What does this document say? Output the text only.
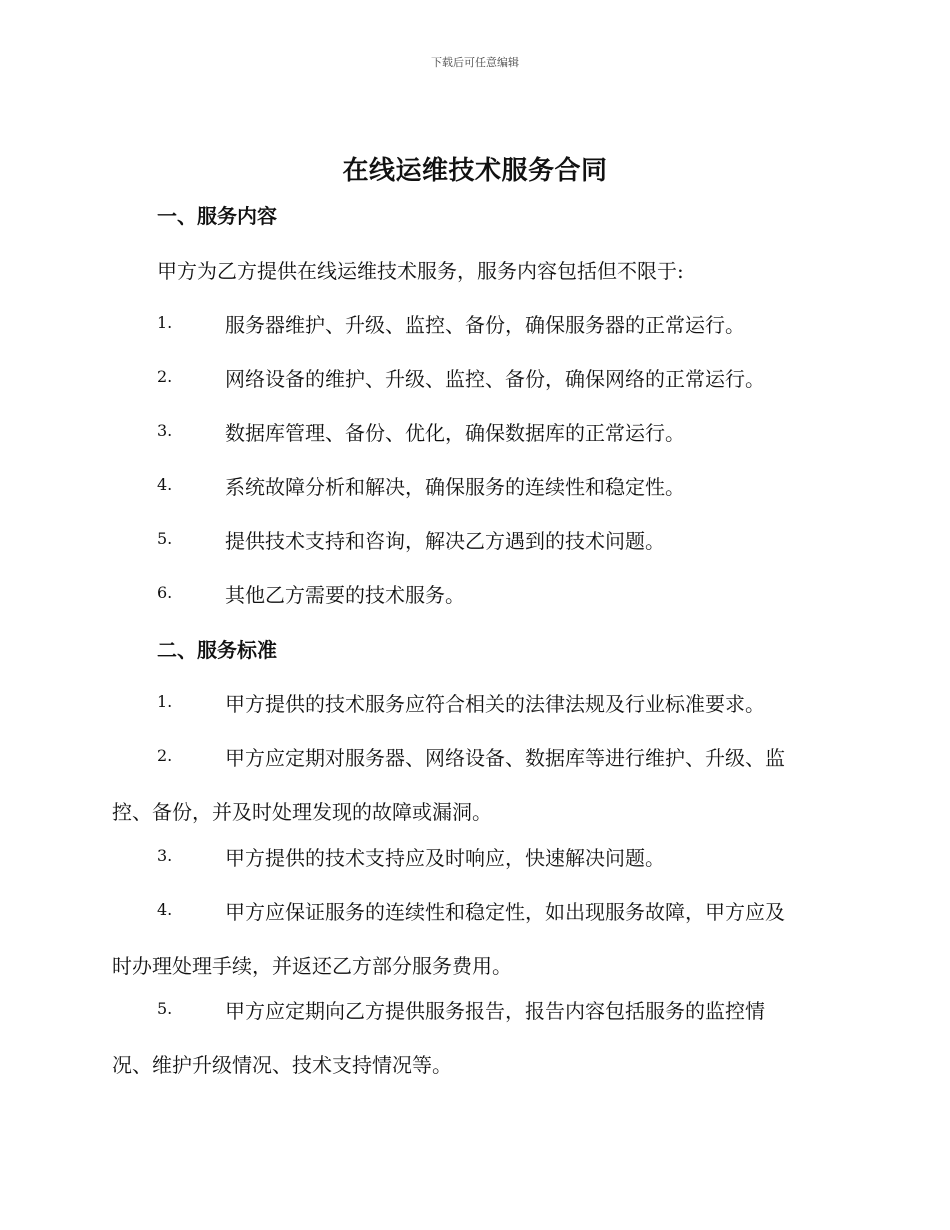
下载后可任意编辑
在线运维技术服务合同
一、服务内容
甲方为乙方提供在线运维技术服务，服务内容包括但不限于:
1.	服务器维护、升级、监控、备份，确保服务器的正常运行。
2.	网络设备的维护、升级、监控、备份，确保网络的正常运行。
3.	数据库管理、备份、优化，确保数据库的正常运行。
4.	系统故障分析和解决，确保服务的连续性和稳定性。
5.	提供技术支持和咨询，解决乙方遇到的技术问题。
6.	其他乙方需要的技术服务。
二、服务标准
1.	甲方提供的技术服务应符合相关的法律法规及行业标准要求。
2.	甲方应定期对服务器、网络设备、数据库等进行维护、升级、监
控、备份，并及时处理发现的故障或漏洞。
3.	甲方提供的技术支持应及时响应，快速解决问题。
4.	甲方应保证服务的连续性和稳定性，如出现服务故障，甲方应及
时办理处理手续，并返还乙方部分服务费用。
5.	甲方应定期向乙方提供服务报告，报告内容包括服务的监控情
况、维护升级情况、技术支持情况等。
